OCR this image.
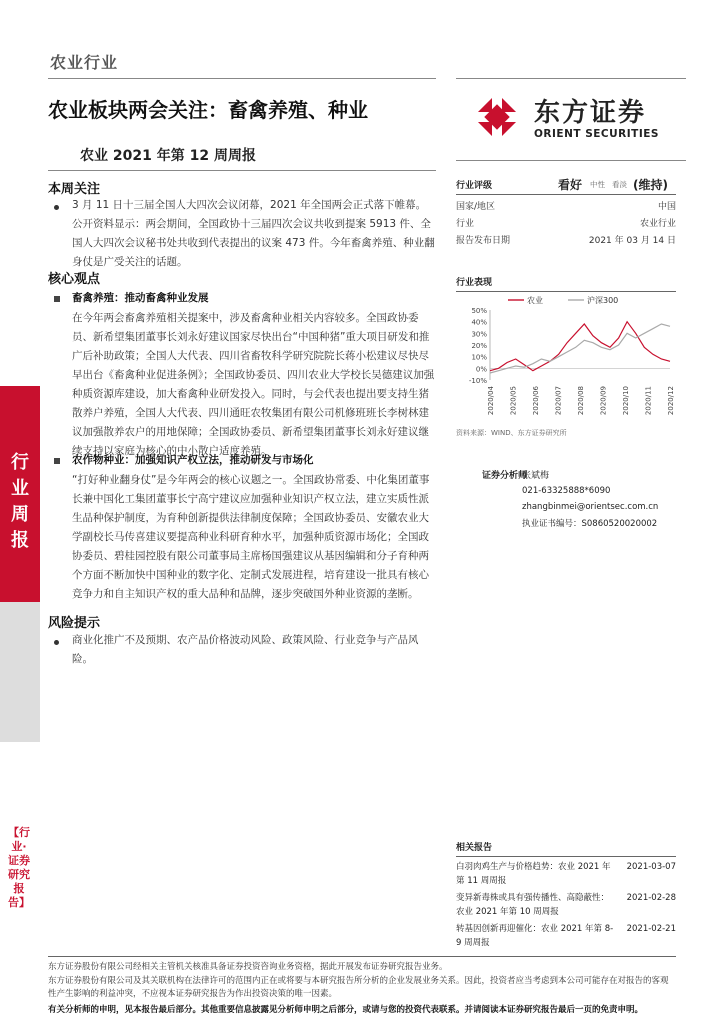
农业行业
农业板块两会关注：畜禽养殖、种业	东方证券
ORIENT SECURITIES
农业 2021 年第 12 周周报
行业周报
【行业·证券研究报告】
本周关注
3 月 11 日十三届全国人大四次会议闭幕，2021 年全国两会正式落下帷幕。公开资料显示：两会期间，全国政协十三届四次会议共收到提案 5913 件、全国人大四次会议秘书处共收到代表提出的议案 473 件。今年畜禽养殖、种业翻身仗是广受关注的话题。
核心观点
畜禽养殖：推动畜禽种业发展
在今年两会畜禽养殖相关提案中，涉及畜禽种业相关内容较多。全国政协委员、新希望集团董事长刘永好建议国家尽快出台“中国种猪”重大项目研发和推广后补助政策；全国人大代表、四川省畜牧科学研究院院长蒋小松建议尽快尽早出台《畜禽种业促进条例》；全国政协委员、四川农业大学校长吴德建议加强种质资源库建设，加大畜禽种业研发投入。同时，与会代表也提出要支持生猪散养户养殖，全国人大代表、四川通旺农牧集团有限公司机修班班长李树林建议加强散养农户的用地保障；全国政协委员、新希望集团董事长刘永好建议继续支持以家庭为核心的中小散户适度养殖。
农作物种业：加强知识产权立法，推动研发与市场化
“打好种业翻身仗”是今年两会的核心议题之一。全国政协常委、中化集团董事长兼中国化工集团董事长宁高宁建议应加强种业知识产权立法，建立实质性派生品种保护制度，为育种创新提供法律制度保障；全国政协委员、安徽农业大学副校长马传喜建议要提高种业科研育种水平，加强种质资源市场化；全国政协委员、碧桂园控股有限公司董事局主席杨国强建议从基因编辑和分子育种两个方面不断加快中国种业的数字化、定制式发展进程，培育建设一批具有核心竞争力和自主知识产权的重大品种和品牌，逐步突破国外种业资源的垄断。
风险提示
商业化推广不及预期、农产品价格波动风险、政策风险、行业竞争与产品风险。
行业评级	看好 中性 看淡 (维持)
国家/地区	中国
行业	农业行业
报告发布日期	2021 年 03 月 14 日
行业表现
农业	沪深300
50%
40%
30%
20%
10%
0%
-10%
2020/04 2020/05 2020/06 2020/07 2020/08 2020/09 2020/10 2020/11 2020/12
资料来源：WIND、东方证券研究所
证券分析师
张斌梅
021-63325888*6090
zhangbinmei@orientsec.com.cn
执业证书编号：S0860520020002
相关报告
白羽肉鸡生产与价格趋势：农业 2021 年第 11 周周报
2021-03-07
变异新毒株或具有强传播性、高隐蔽性：农业 2021 年第 10 周周报
2021-02-28
转基因创新再迎催化：农业 2021 年第 8-9 周周报
2021-02-21
东方证券股份有限公司经相关主管机关核准具备证券投资咨询业务资格，据此开展发布证券研究报告业务。
东方证券股份有限公司及其关联机构在法律许可的范围内正在或将要与本研究报告所分析的企业发展业务关系。因此，投资者应当考虑到本公司可能存在对报告的客观性产生影响的利益冲突，不应视本证券研究报告为作出投资决策的唯一因素。
有关分析师的申明，见本报告最后部分。其他重要信息披露见分析师申明之后部分，或请与您的投资代表联系。并请阅读本证券研究报告最后一页的免责申明。
